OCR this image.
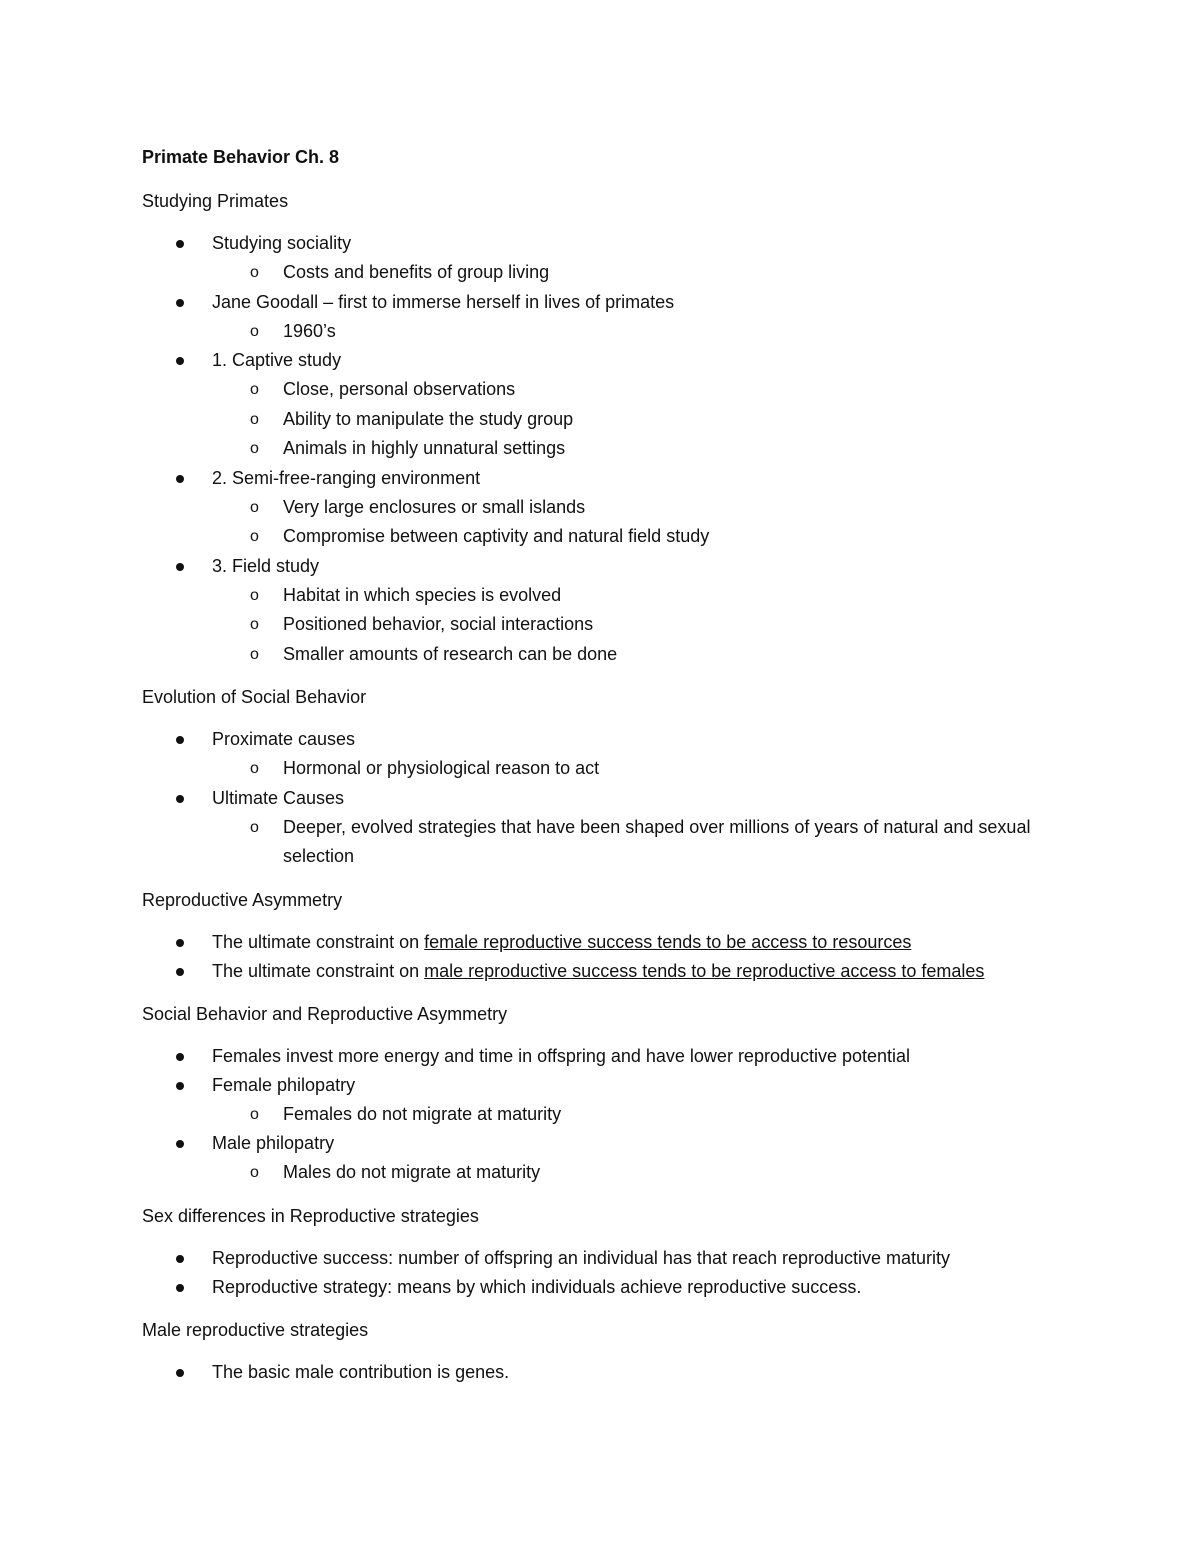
Primate Behavior Ch. 8
Studying Primates
Studying sociality
o Costs and benefits of group living
Jane Goodall – first to immerse herself in lives of primates
o 1960’s
1. Captive study
o Close, personal observations
o Ability to manipulate the study group
o Animals in highly unnatural settings
2. Semi-free-ranging environment
o Very large enclosures or small islands
o Compromise between captivity and natural field study
3. Field study
o Habitat in which species is evolved
o Positioned behavior, social interactions
o Smaller amounts of research can be done
Evolution of Social Behavior
Proximate causes
o Hormonal or physiological reason to act
Ultimate Causes
o Deeper, evolved strategies that have been shaped over millions of years of natural and sexual selection
Reproductive Asymmetry
The ultimate constraint on female reproductive success tends to be access to resources
The ultimate constraint on male reproductive success tends to be reproductive access to females
Social Behavior and Reproductive Asymmetry
Females invest more energy and time in offspring and have lower reproductive potential
Female philopatry
o Females do not migrate at maturity
Male philopatry
o Males do not migrate at maturity
Sex differences in Reproductive strategies
Reproductive success: number of offspring an individual has that reach reproductive maturity
Reproductive strategy: means by which individuals achieve reproductive success.
Male reproductive strategies
The basic male contribution is genes.
